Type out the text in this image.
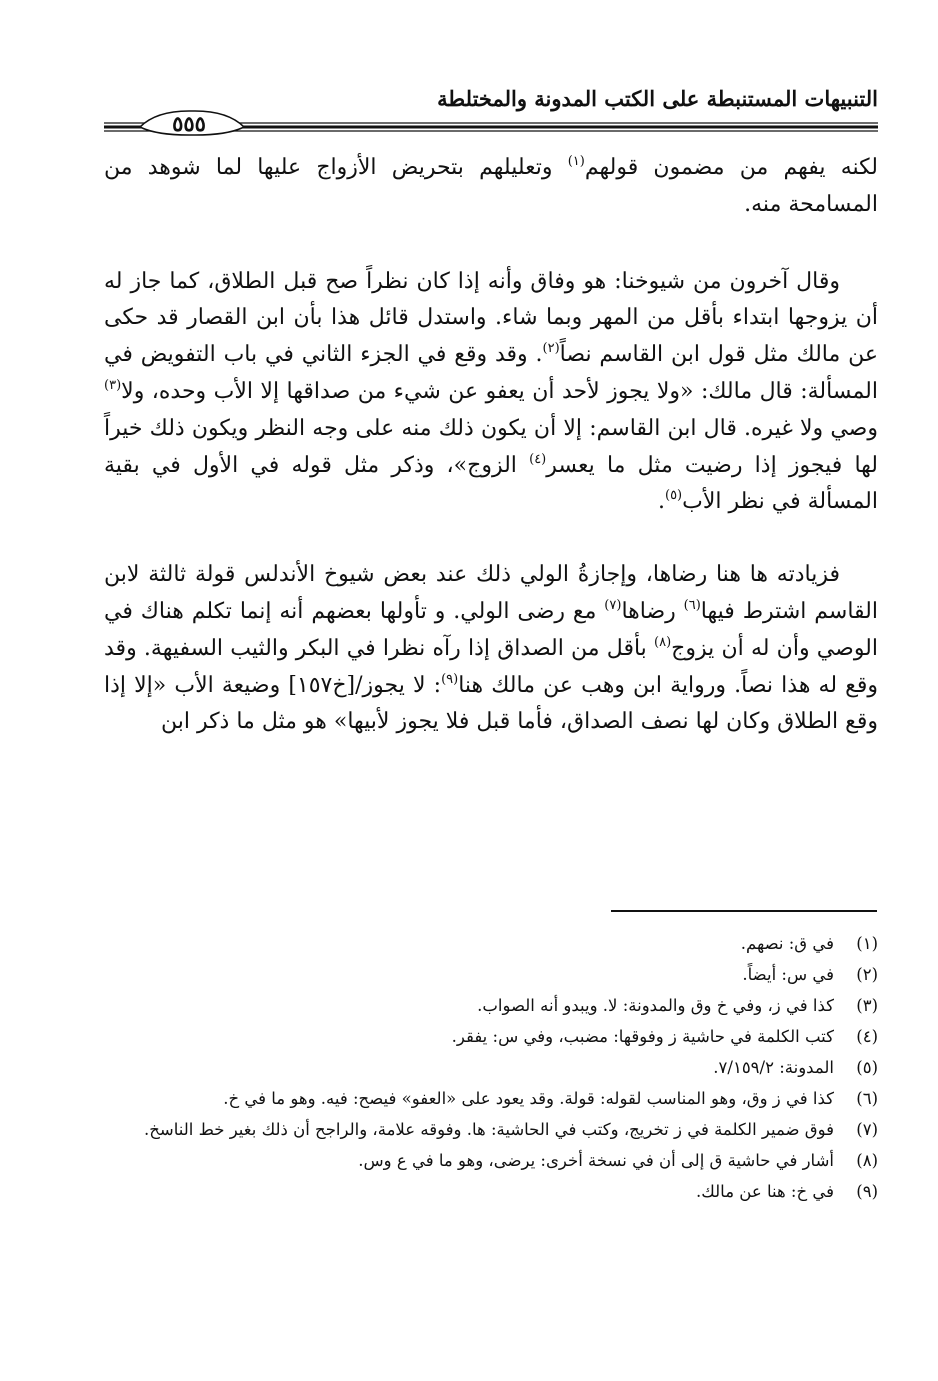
التنبيهات المستنبطة على الكتب المدونة والمختلطة
٥٥٥

لكنه يفهم من مضمون قولهم$^{(١)}$ وتعليلهم بتحريض الأزواج عليها لما شوهد من المسامحة منه.

وقال آخرون من شيوخنا: هو وفاق وأنه إذا كان نظراً صح قبل الطلاق، كما جاز له أن يزوجها ابتداء بأقل من المهر وبما شاء. واستدل قائل هذا بأن ابن القصار قد حكى عن مالك مثل قول ابن القاسم نصاً$^{(٢)}$. وقد وقع في الجزء الثاني في باب التفويض في المسألة: قال مالك: «ولا يجوز لأحد أن يعفو عن شيء من صداقها إلا الأب وحده، ولا$^{(٣)}$ وصي ولا غيره. قال ابن القاسم: إلا أن يكون ذلك منه على وجه النظر ويكون ذلك خيراً لها فيجوز إذا رضيت مثل ما يعسر$^{(٤)}$ الزوج»، وذكر مثل قوله في الأول في بقية المسألة في نظر الأب$^{(٥)}$.

فزيادته ها هنا رضاها، وإجازةُ الولي ذلك عند بعض شيوخ الأندلس قولة ثالثة لابن القاسم اشترط فيها$^{(٦)}$ رضاها$^{(٧)}$ مع رضى الولي. و تأولها بعضهم أنه إنما تكلم هناك في الوصي وأن له أن يزوج$^{(٨)}$ بأقل من الصداق إذا رآه نظرا في البكر والثيب السفيهة. وقد وقع له هذا نصاً. ورواية ابن وهب عن مالك هنا$^{(٩)}$: لا يجوز/[خ١٥٧] وضيعة الأب «إلا إذا وقع الطلاق وكان لها نصف الصداق، فأما قبل فلا يجوز لأبيها» هو مثل ما ذكر ابن

(١)
في ق: نصهم.
(٢)
في س: أيضاً.
(٣)
كذا في ز، وفي خ وق والمدونة: لا. ويبدو أنه الصواب.
(٤)
كتب الكلمة في حاشية ز وفوقها: مضبب، وفي س: يفقر.
(٥)
المدونة: ٧/١٥٩/٢.
(٦)
كذا في ز وق، وهو المناسب لقوله: قولة. وقد يعود على «العفو» فيصح: فيه. وهو ما في خ.
(٧)
فوق ضمير الكلمة في ز تخريج، وكتب في الحاشية: ها. وفوقه علامة، والراجح أن ذلك بغير خط الناسخ.
(٨)
أشار في حاشية ق إلى أن في نسخة أخرى: يرضى، وهو ما في ع وس.
(٩)
في خ: هنا عن مالك.
